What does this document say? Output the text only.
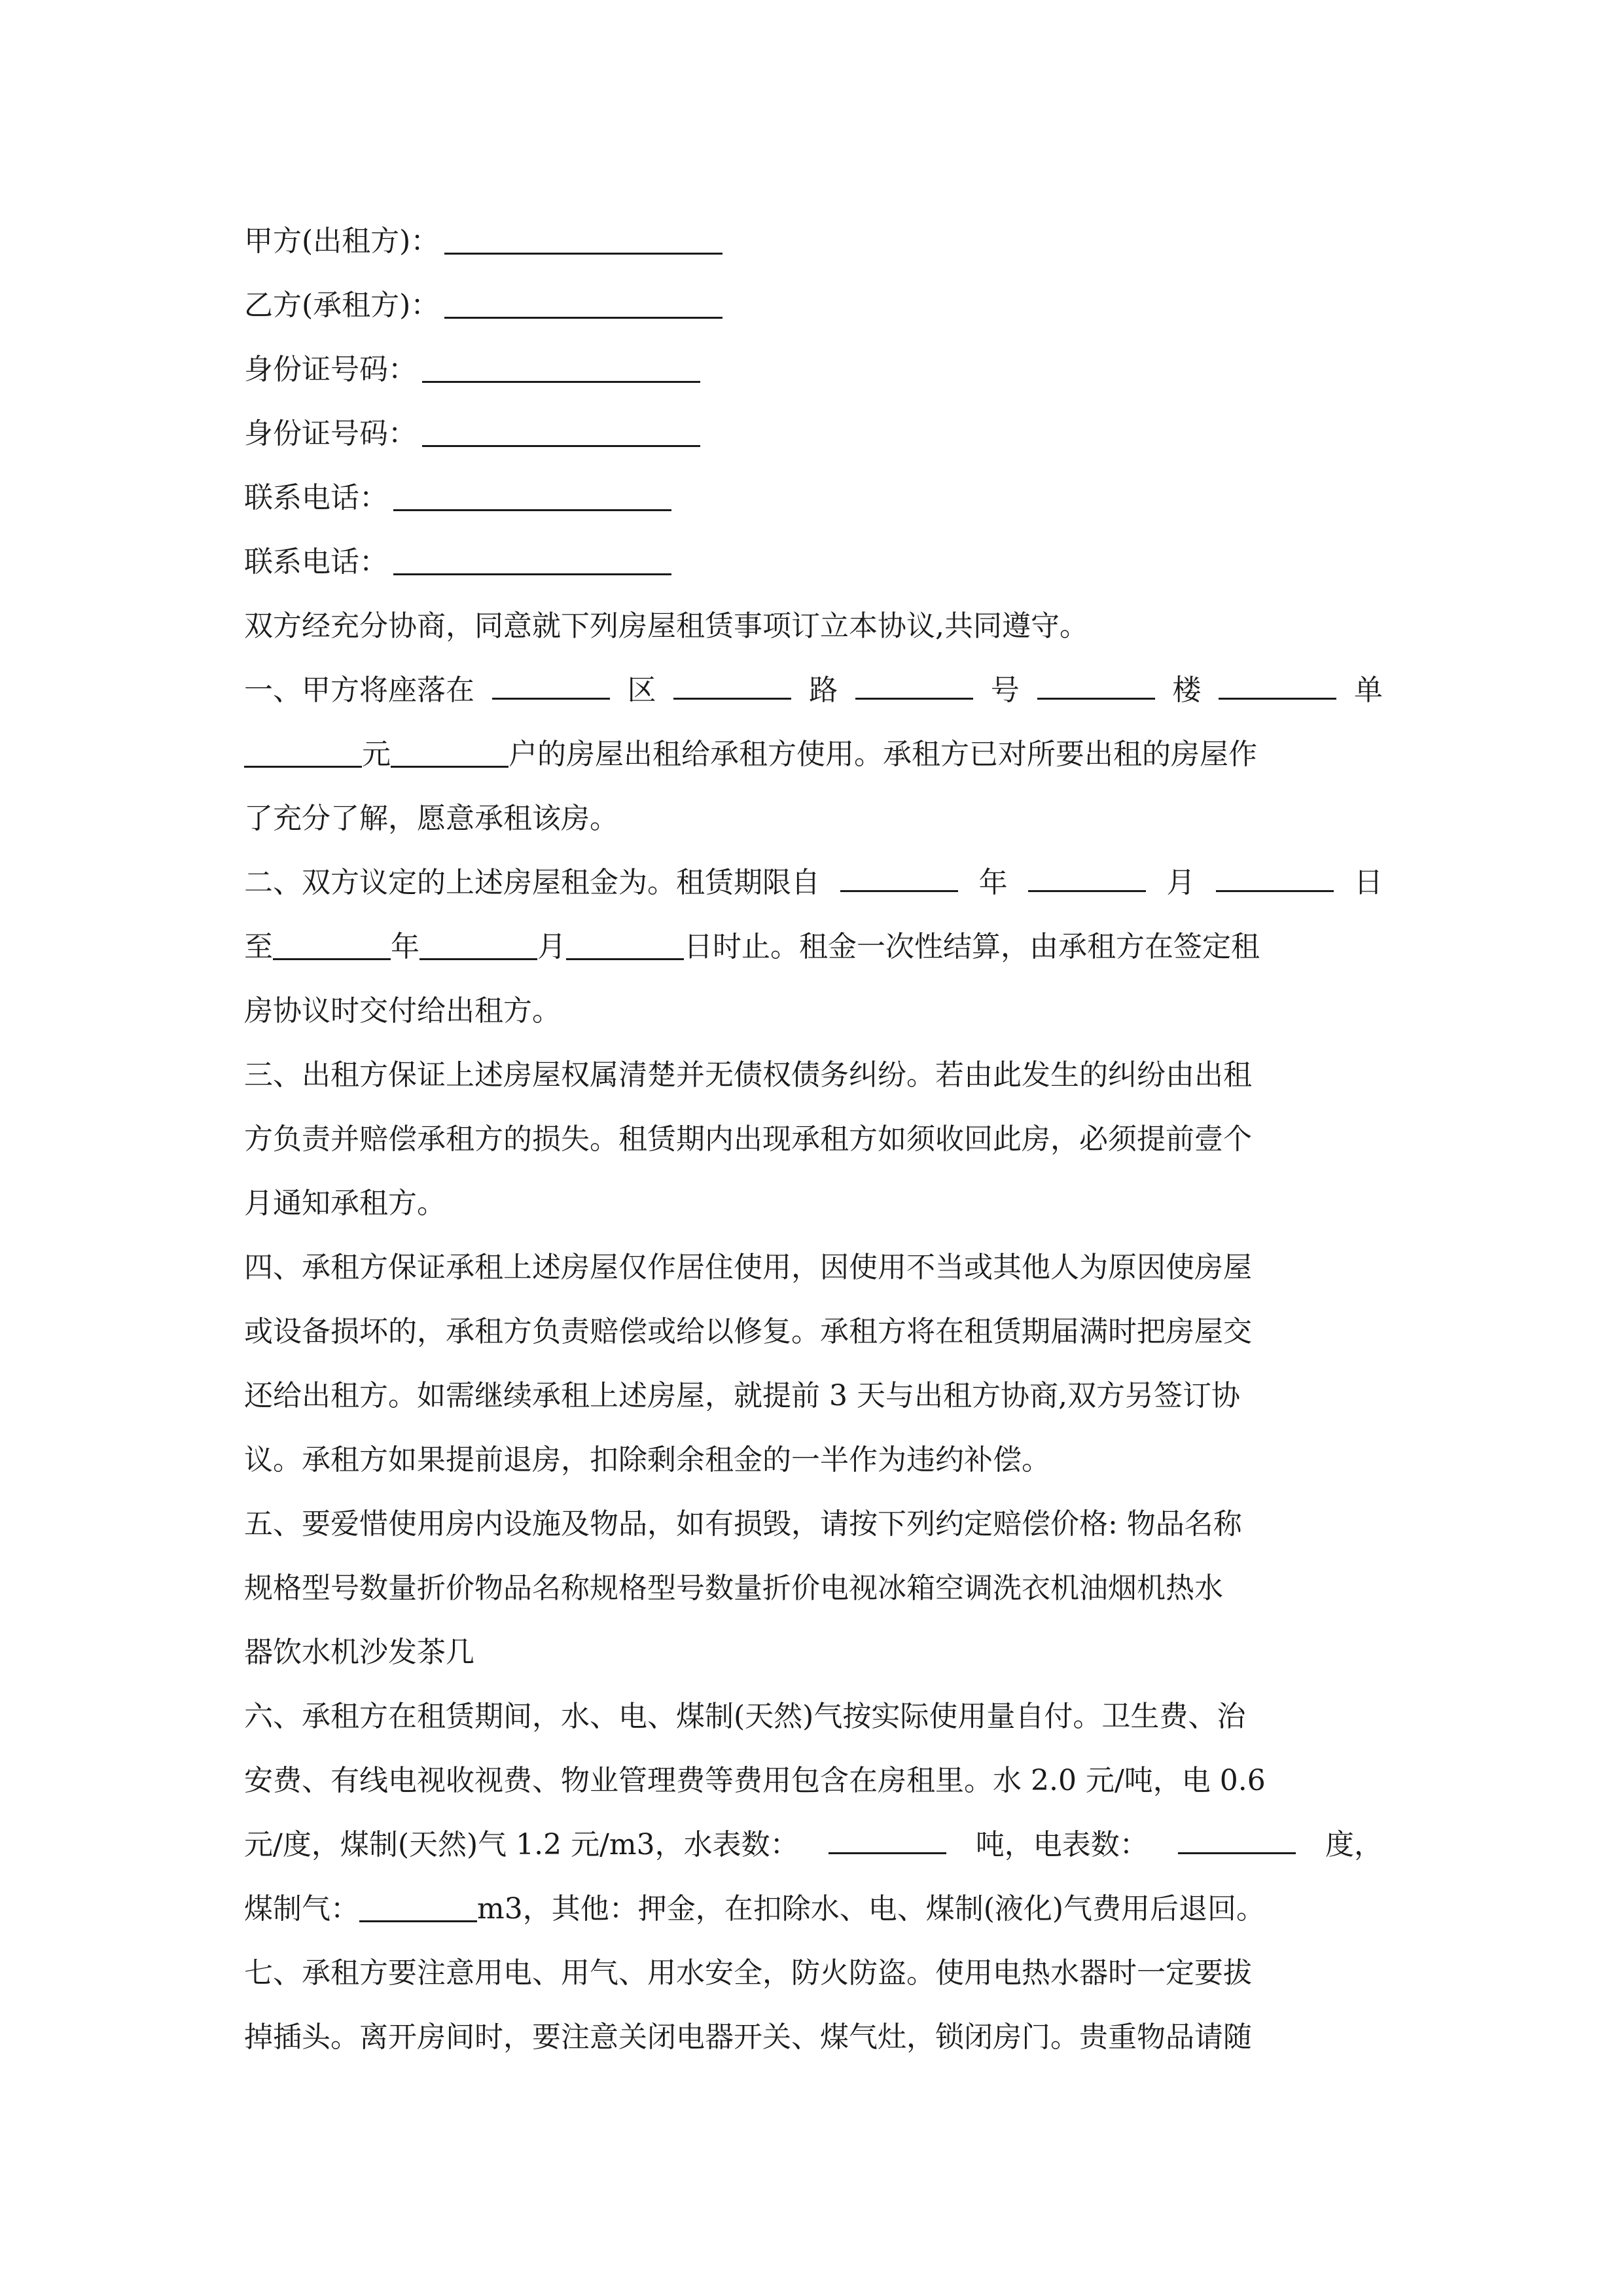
甲方(出租方)：
乙方(承租方)：
身份证号码：
身份证号码：
联系电话：
联系电话：
双方经充分协商，同意就下列房屋租赁事项订立本协议,共同遵守。
一、甲方将座落在	区	路	号	楼	单
元	户的房屋出租给承租方使用。承租方已对所要出租的房屋作
了充分了解，愿意承租该房。
二、双方议定的上述房屋租金为。租赁期限自	年	月	日
至	年	月	日时止。租金一次性结算，由承租方在签定租
房协议时交付给出租方。
三、出租方保证上述房屋权属清楚并无债权债务纠纷。若由此发生的纠纷由出租
方负责并赔偿承租方的损失。租赁期内出现承租方如须收回此房，必须提前壹个
月通知承租方。
四、承租方保证承租上述房屋仅作居住使用，因使用不当或其他人为原因使房屋
或设备损坏的，承租方负责赔偿或给以修复。承租方将在租赁期届满时把房屋交
还给出租方。如需继续承租上述房屋，就提前 3 天与出租方协商,双方另签订协
议。承租方如果提前退房，扣除剩余租金的一半作为违约补偿。
五、要爱惜使用房内设施及物品，如有损毁，请按下列约定赔偿价格: 物品名称
规格型号数量折价物品名称规格型号数量折价电视冰箱空调洗衣机油烟机热水
器饮水机沙发茶几
六、承租方在租赁期间，水、电、煤制(天然)气按实际使用量自付。卫生费、治
安费、有线电视收视费、物业管理费等费用包含在房租里。水 2.0 元/吨，电 0.6
元/度，煤制(天然)气 1.2 元/m3，水表数：	吨，电表数：	度，
煤制气：	m3，其他：押金，在扣除水、电、煤制(液化)气费用后退回。
七、承租方要注意用电、用气、用水安全，防火防盗。使用电热水器时一定要拔
掉插头。离开房间时，要注意关闭电器开关、煤气灶，锁闭房门。贵重物品请随
